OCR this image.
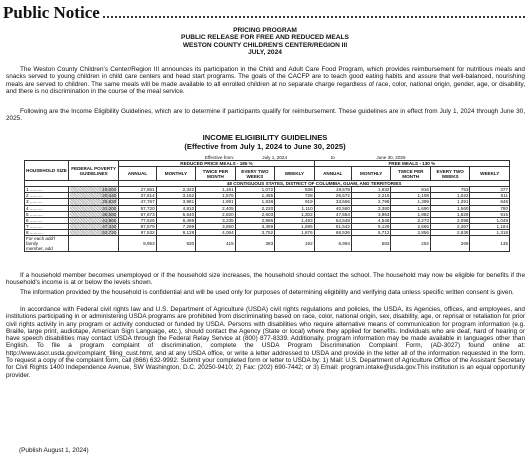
Public Notice
PRICING PROGRAM
PUBLIC RELEASE FOR FREE AND REDUCED MEALS
WESTON COUNTY CHILDREN'S CENTER/REGION III
JULY, 2024

The Weston County Children's Center/Region III announces its participation in the Child and Adult Care Food Program, which provides reimbursement for nutritious meals and snacks served to young children in child care centers and head start programs. The goals of the CACFP are to teach good eating habits and assure that well-balanced, nourishing meals are served to children. The same meals will be made available to all enrolled children at no separate charge regardless of race, color, national origin, gender, age, or disability, and there is no discrimination in the course of the meal service.

Following are the Income Eligibility Guidelines, which are to determine if participants qualify for reimbursement. These guidelines are in effect from July 1, 2024 through June 30, 2025.

INCOME ELIGIBILITY GUIDELINES
(Effective from July 1, 2024 to June 30, 2025)
		Effective from:			July 1, 2024		to	June 30, 2025			
HOUSEHOLD SIZE	FEDERAL POVERTY GUIDELINES	REDUCED PRICE MEALS - 185 %					FREE MEALS - 130 %				
		ANNUAL	MONTHLY	TWICE PER MONTH	EVERY TWO WEEKS	WEEKLY	ANNUAL	MONTHLY	TWICE PER MONTH	EVERY TWO WEEKS	WEEKLY
		48 CONTIGUOUS STATES, DISTRICT OF COLUMBIA, GUAM, AND TERRITORIES									
1 ..........	15,060	27,861	2,322	1,161	1,072	536	19,578	1,632	816	753	377
2 ..........	20,440	37,814	3,152	1,576	1,455	728	26,572	2,215	1,108	1,022	511
3 ..........	25,820	47,767	3,981	1,991	1,838	919	33,566	2,798	1,399	1,291	646
4 ..........	31,200	57,720	4,810	2,405	2,220	1,110	40,560	3,380	1,690	1,560	780
5 ..........	36,580	67,673	5,640	2,820	2,603	1,302	47,554	3,963	1,982	1,829	915
6 ..........	41,960	77,626	6,469	3,235	2,986	1,493	54,548	4,546	2,273	2,098	1,049
7 ..........	47,340	87,579	7,299	3,650	3,369	1,685	61,542	5,129	2,565	2,367	1,184
8 ..........	52,720	97,532	8,128	4,064	3,752	1,876	68,536	5,712	2,856	2,636	1,318
For each add'l family
member, add		9,953	830	415	383	192	6,994	583	292	269	135

If a household member becomes unemployed or if the household size increases, the household should contact the school. The household may now be eligible for benefits if the household's income is at or below the levels shown.

The information provided by the household is confidential and will be used only for purposes of determining eligibility and verifying data unless specific written consent is given.

In accordance with Federal civil rights law and U.S. Department of Agriculture (USDA) civil rights regulations and policies, the USDA, its Agencies, offices, and employees, and institutions participating in or administering USDA programs are prohibited from discriminating based on race, color, national origin, sex, disability, age, or reprisal or retaliation for prior civil rights activity in any program or activity conducted or funded by USDA. Persons with disabilities who require alternative means of communication for program information (e.g. Braille, large print, audiotape, American Sign Language, etc.), should contact the Agency (State or local) where they applied for benefits. Individuals who are deaf, hard of hearing or have speech disabilities may contact USDA through the Federal Relay Service at (800) 877-8339. Additionally, program information may be made available in languages other than English. To file a program complaint of discrimination, complete the USDA Program Discrimination Complaint Form, (AD-3027) found online at: http://www.ascr.usda.gov/complaint_filing_cust.html, and at any USDA office, or write a letter addressed to USDA and provide in the letter all of the information requested in the form. To request a copy of the complaint form, call (866) 632-9992. Submit your completed form or letter to USDA by: 1) Mail: U.S. Department of Agriculture Office of the Assistant Secretary for Civil Rights 1400 Independence Avenue, SW Washington, D.C. 20250-9410; 2) Fax: (202) 690-7442; or 3) Email: program.intake@usda.gov.This institution is an equal opportunity provider.

(Publish August 1, 2024)
